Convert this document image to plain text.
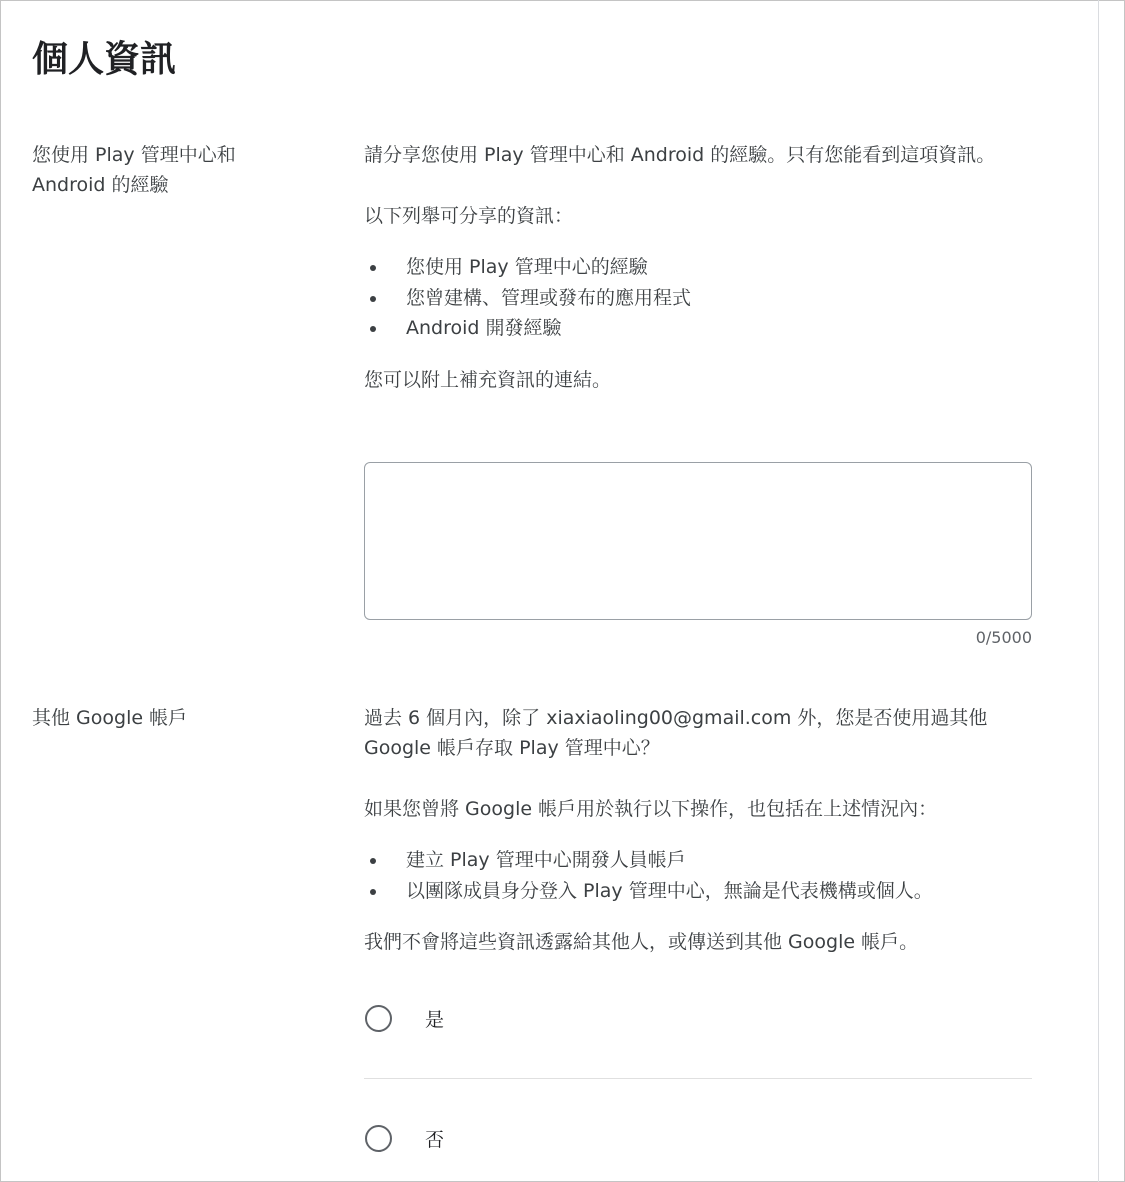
個人資訊
您使用 Play 管理中心和 Android 的經驗

請分享您使用 Play 管理中心和 Android 的經驗。只有您能看到這項資訊。

以下列舉可分享的資訊：

您使用 Play 管理中心的經驗
您曾建構、管理或發布的應用程式
Android 開發經驗

您可以附上補充資訊的連結。

0/5000
其他 Google 帳戶	過去 6 個月內，除了 xiaxiaoling00@gmail.com 外，您是否使用過其他 Google 帳戶存取 Play 管理中心？

如果您曾將 Google 帳戶用於執行以下操作，也包括在上述情況內：

建立 Play 管理中心開發人員帳戶
以團隊成員身分登入 Play 管理中心，無論是代表機構或個人。

我們不會將這些資訊透露給其他人，或傳送到其他 Google 帳戶。

是
否
